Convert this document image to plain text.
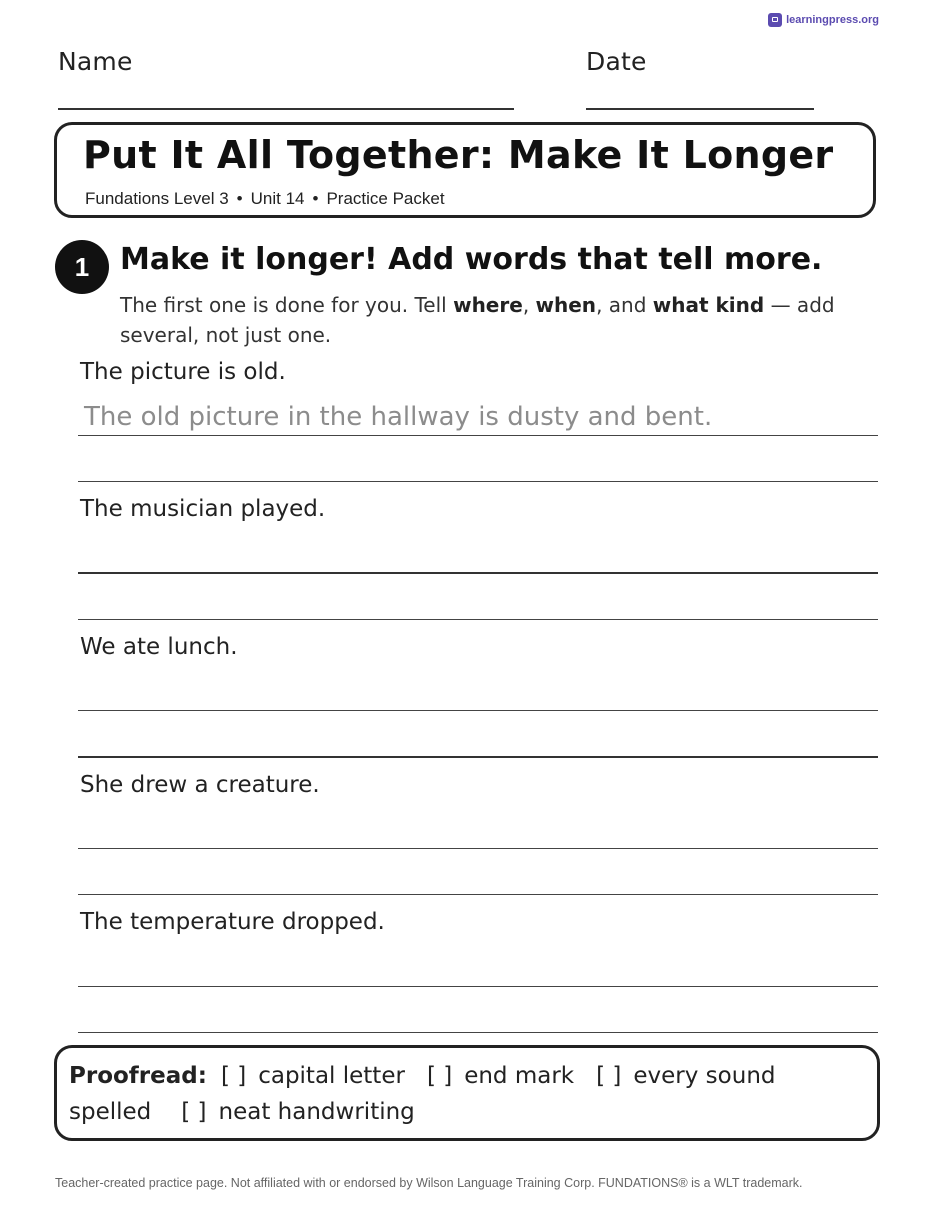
learningpress.org
Name	Date
Put It All Together: Make It Longer
Fundations Level 3 • Unit 14 • Practice Packet
1	Make it longer! Add words that tell more.
The first one is done for you. Tell where, when, and what kind — add several, not just one.
The picture is old.
The old picture in the hallway is dusty and bent.
The musician played.
We ate lunch.
She drew a creature.
The temperature dropped.
Proofread: [ ] capital letter [ ] end mark [ ] every sound spelled [ ] neat handwriting
Teacher-created practice page. Not affiliated with or endorsed by Wilson Language Training Corp. FUNDATIONS® is a WLT trademark.
